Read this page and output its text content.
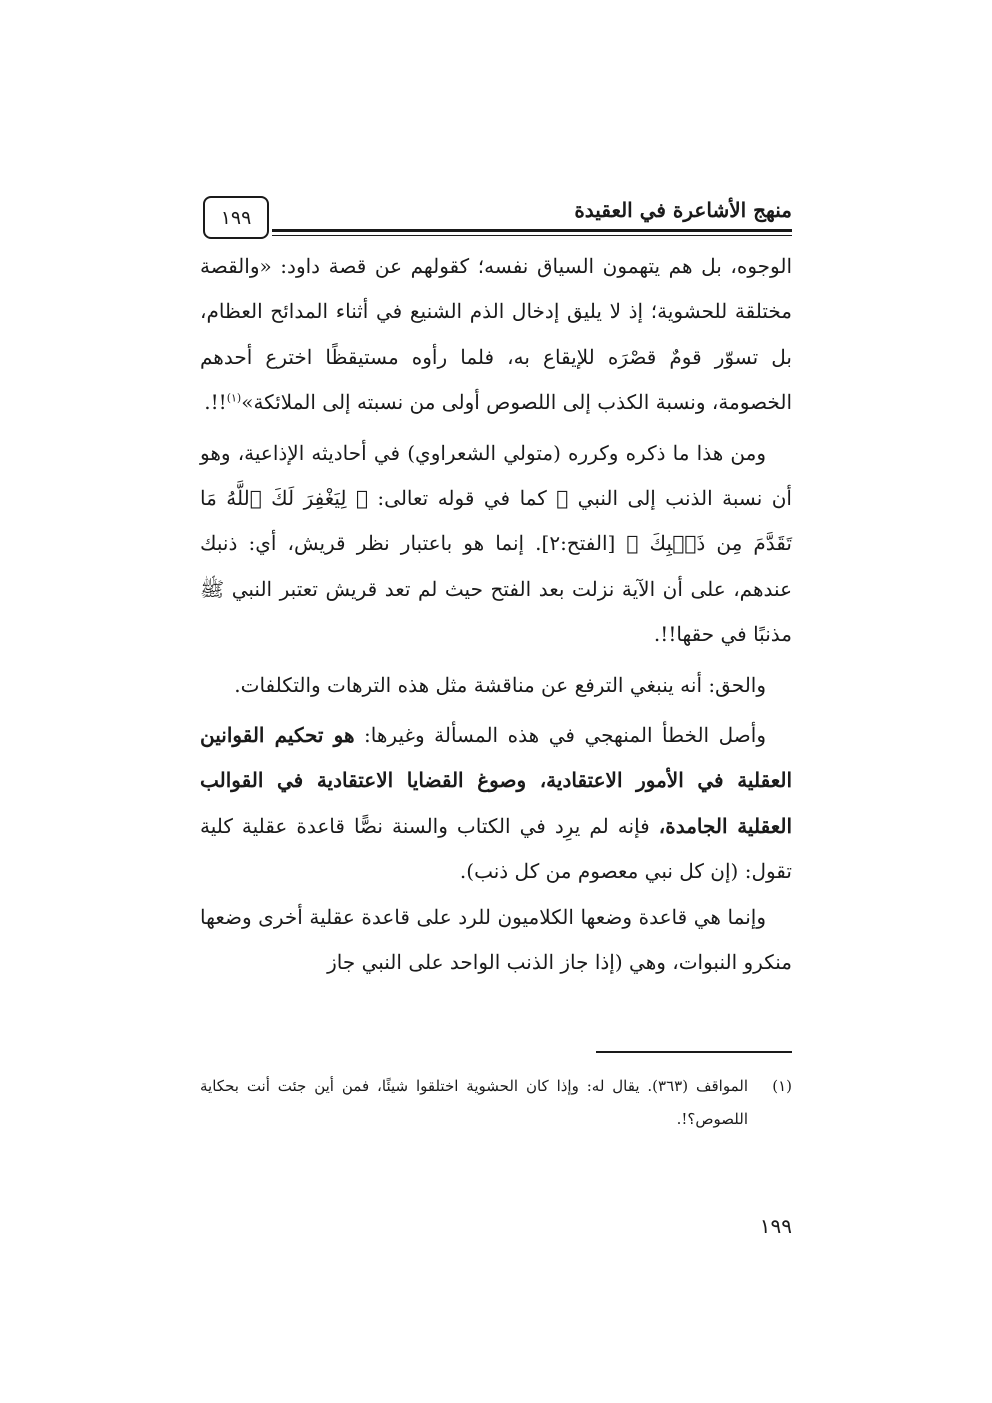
منهج الأشاعرة في العقيدة
١٩٩

الوجوه، بل هم يتهمون السياق نفسه؛ كقولهم عن قصة داود: «والقصة مختلقة للحشوية؛ إذ لا يليق إدخال الذم الشنيع في أثناء المدائح العظام، بل تسوّر قومٌ قصْرَه للإيقاع به، فلما رأوه مستيقظًا اخترع أحدهم الخصومة، ونسبة الكذب إلى اللصوص أولى من نسبته إلى الملائكة»$^{(١)}$!!.

ومن هذا ما ذكره وكرره (متولي الشعراوي) في أحاديثه الإذاعية، وهو أن نسبة الذنب إلى النبي ﷺ كما في قوله تعالى: ﴿ لِيَغْفِرَ لَكَ ٱللَّهُ مَا تَقَدَّمَ مِن ذَنۢبِكَ ﴾ [الفتح:٢]. إنما هو باعتبار نظر قريش، أي: ذنبك عندهم، على أن الآية نزلت بعد الفتح حيث لم تعد قريش تعتبر النبي ﷺ مذنبًا في حقها!!.

والحق: أنه ينبغي الترفع عن مناقشة مثل هذه الترهات والتكلفات.

وأصل الخطأ المنهجي في هذه المسألة وغيرها: هو تحكيم القوانين العقلية في الأمور الاعتقادية، وصوغ القضايا الاعتقادية في القوالب العقلية الجامدة، فإنه لم يرِد في الكتاب والسنة نصًّا قاعدة عقلية كلية تقول: (إن كل نبي معصوم من كل ذنب).

وإنما هي قاعدة وضعها الكلاميون للرد على قاعدة عقلية أخرى وضعها منكرو النبوات، وهي (إذا جاز الذنب الواحد على النبي جاز

(١)
المواقف (٣٦٣). يقال له: وإذا كان الحشوية اختلقوا شيئًا، فمن أين جئت أنت بحكاية اللصوص؟!.
١٩٩
